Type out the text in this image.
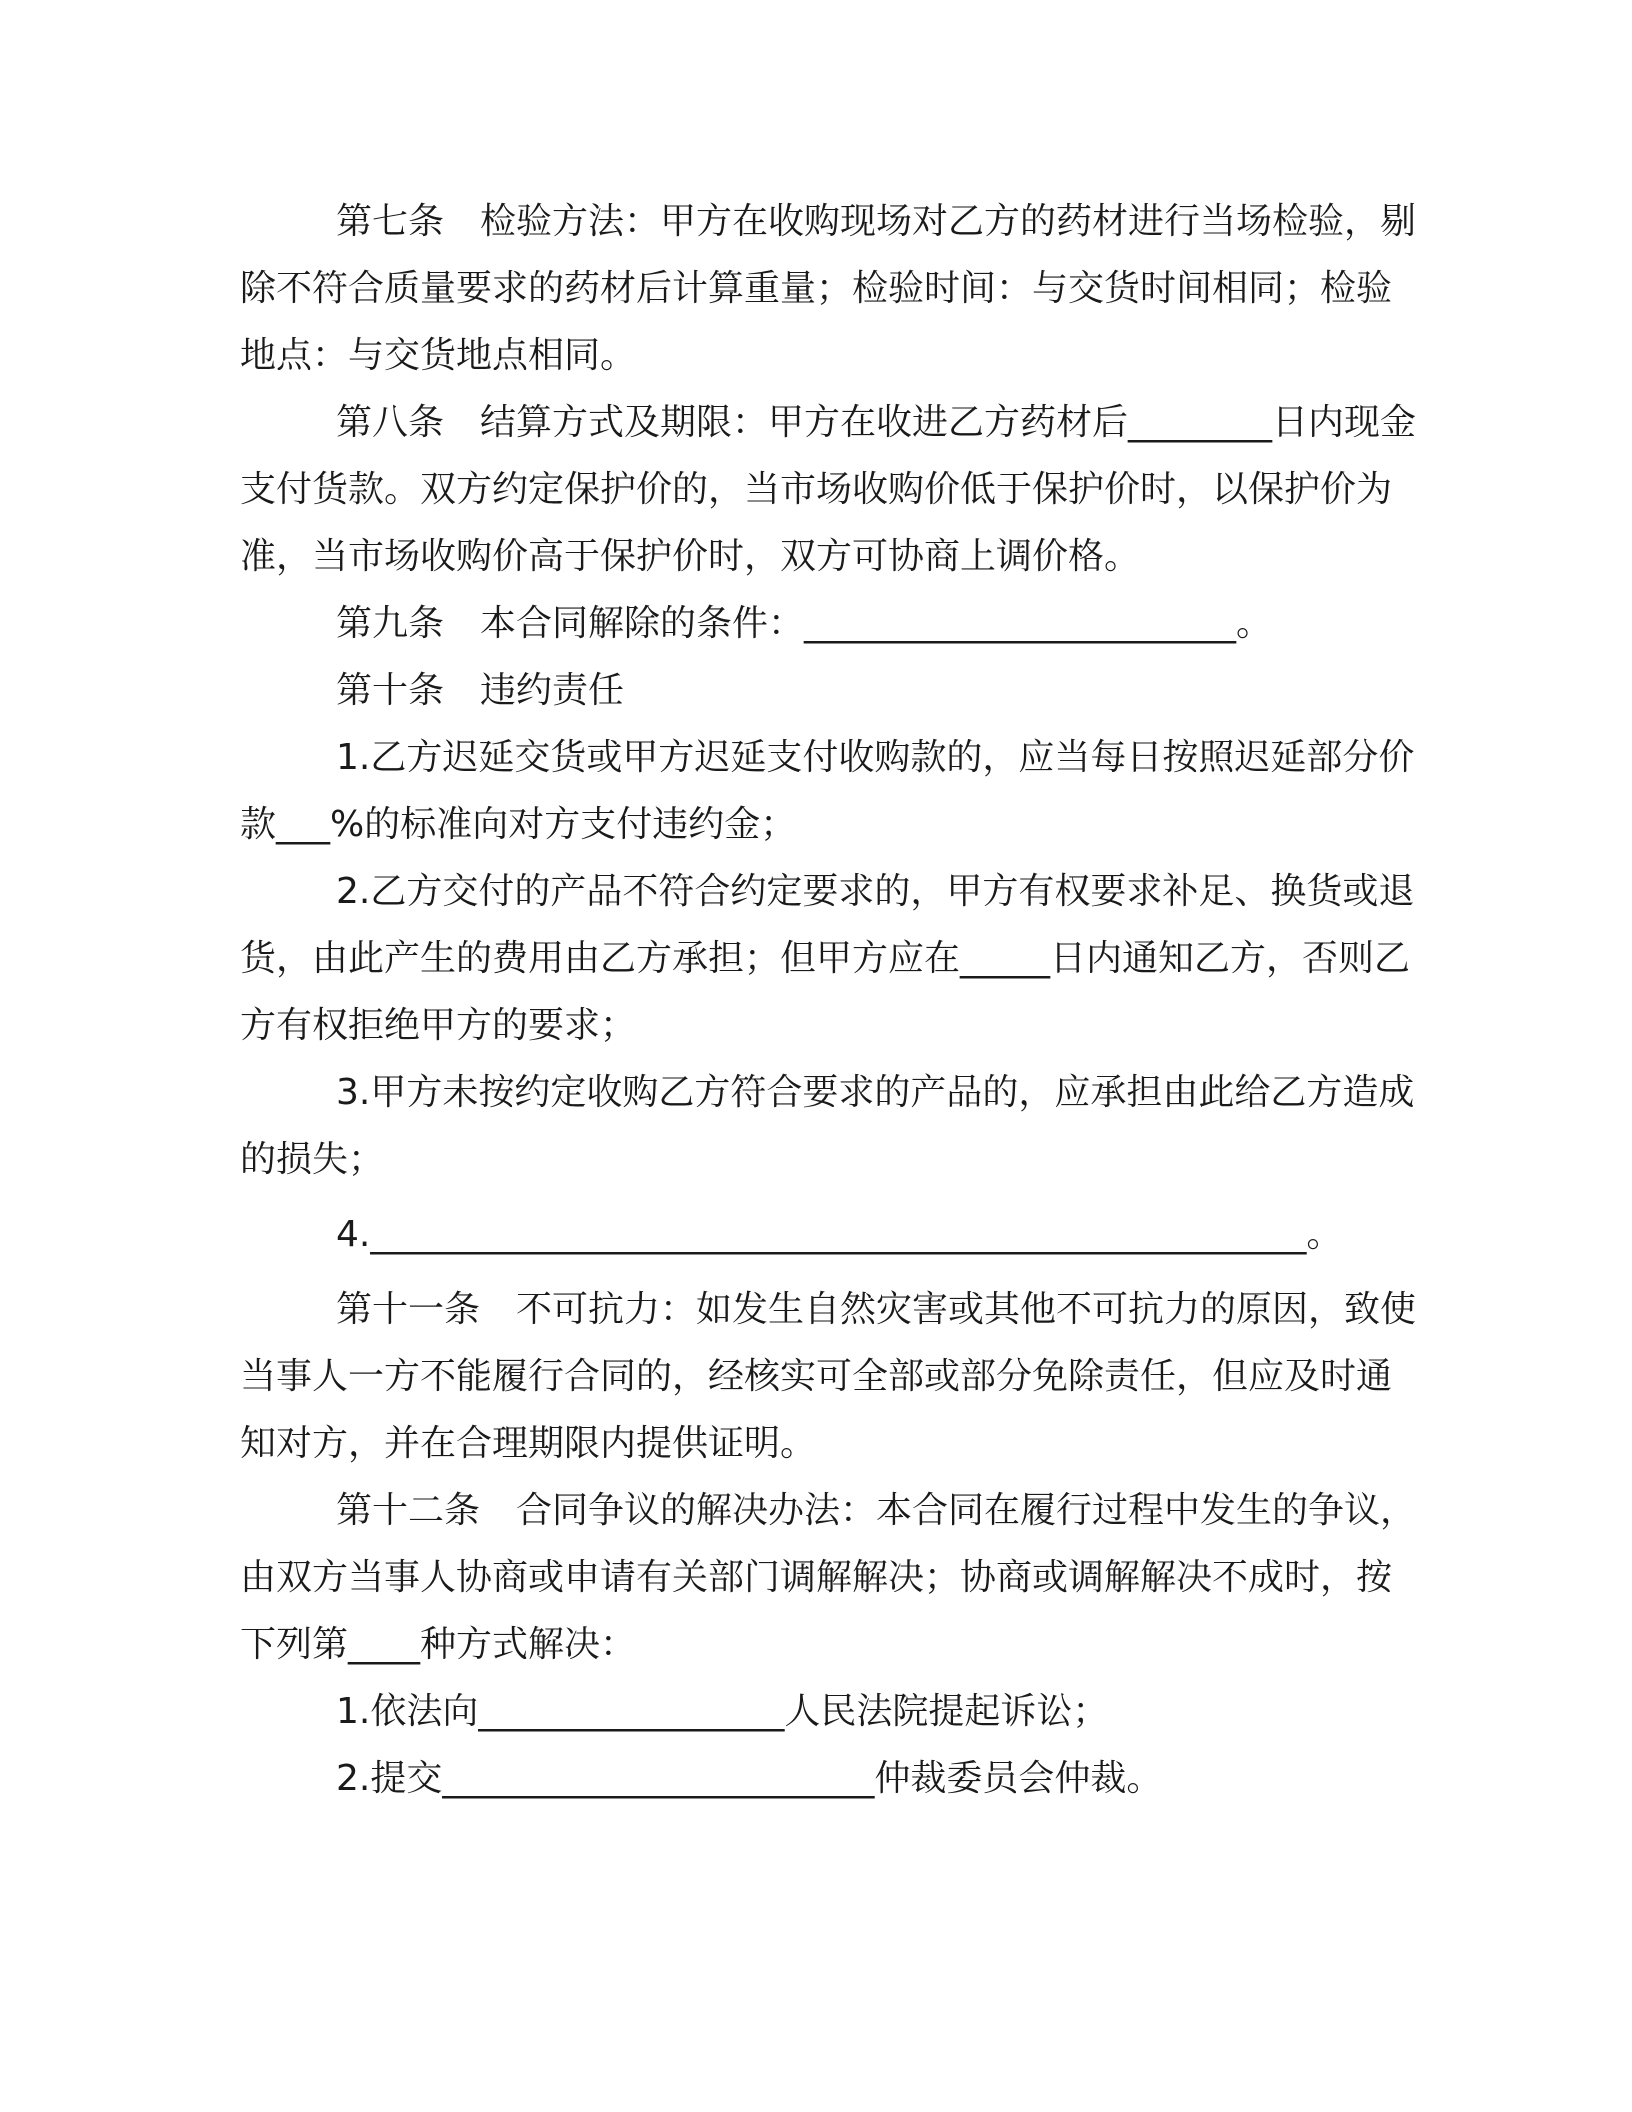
第七条　检验方法：甲方在收购现场对乙方的药材进行当场检验，剔除不符合质量要求的药材后计算重量；检验时间：与交货时间相同；检验地点：与交货地点相同。

第八条　结算方式及期限：甲方在收进乙方药材后________日内现金支付货款。双方约定保护价的，当市场收购价低于保护价时，以保护价为准，当市场收购价高于保护价时，双方可协商上调价格。

第九条　本合同解除的条件：________________________。

第十条　违约责任

1.乙方迟延交货或甲方迟延支付收购款的，应当每日按照迟延部分价款___%的标准向对方支付违约金；

2.乙方交付的产品不符合约定要求的，甲方有权要求补足、换货或退货，由此产生的费用由乙方承担；但甲方应在_____日内通知乙方，否则乙方有权拒绝甲方的要求；

3.甲方未按约定收购乙方符合要求的产品的，应承担由此给乙方造成的损失；

4.____________________________________________________。

第十一条　不可抗力：如发生自然灾害或其他不可抗力的原因，致使当事人一方不能履行合同的，经核实可全部或部分免除责任，但应及时通知对方，并在合理期限内提供证明。

第十二条　合同争议的解决办法：本合同在履行过程中发生的争议，由双方当事人协商或申请有关部门调解解决；协商或调解解决不成时，按下列第____种方式解决：

1.依法向_________________人民法院提起诉讼；

2.提交________________________仲裁委员会仲裁。
